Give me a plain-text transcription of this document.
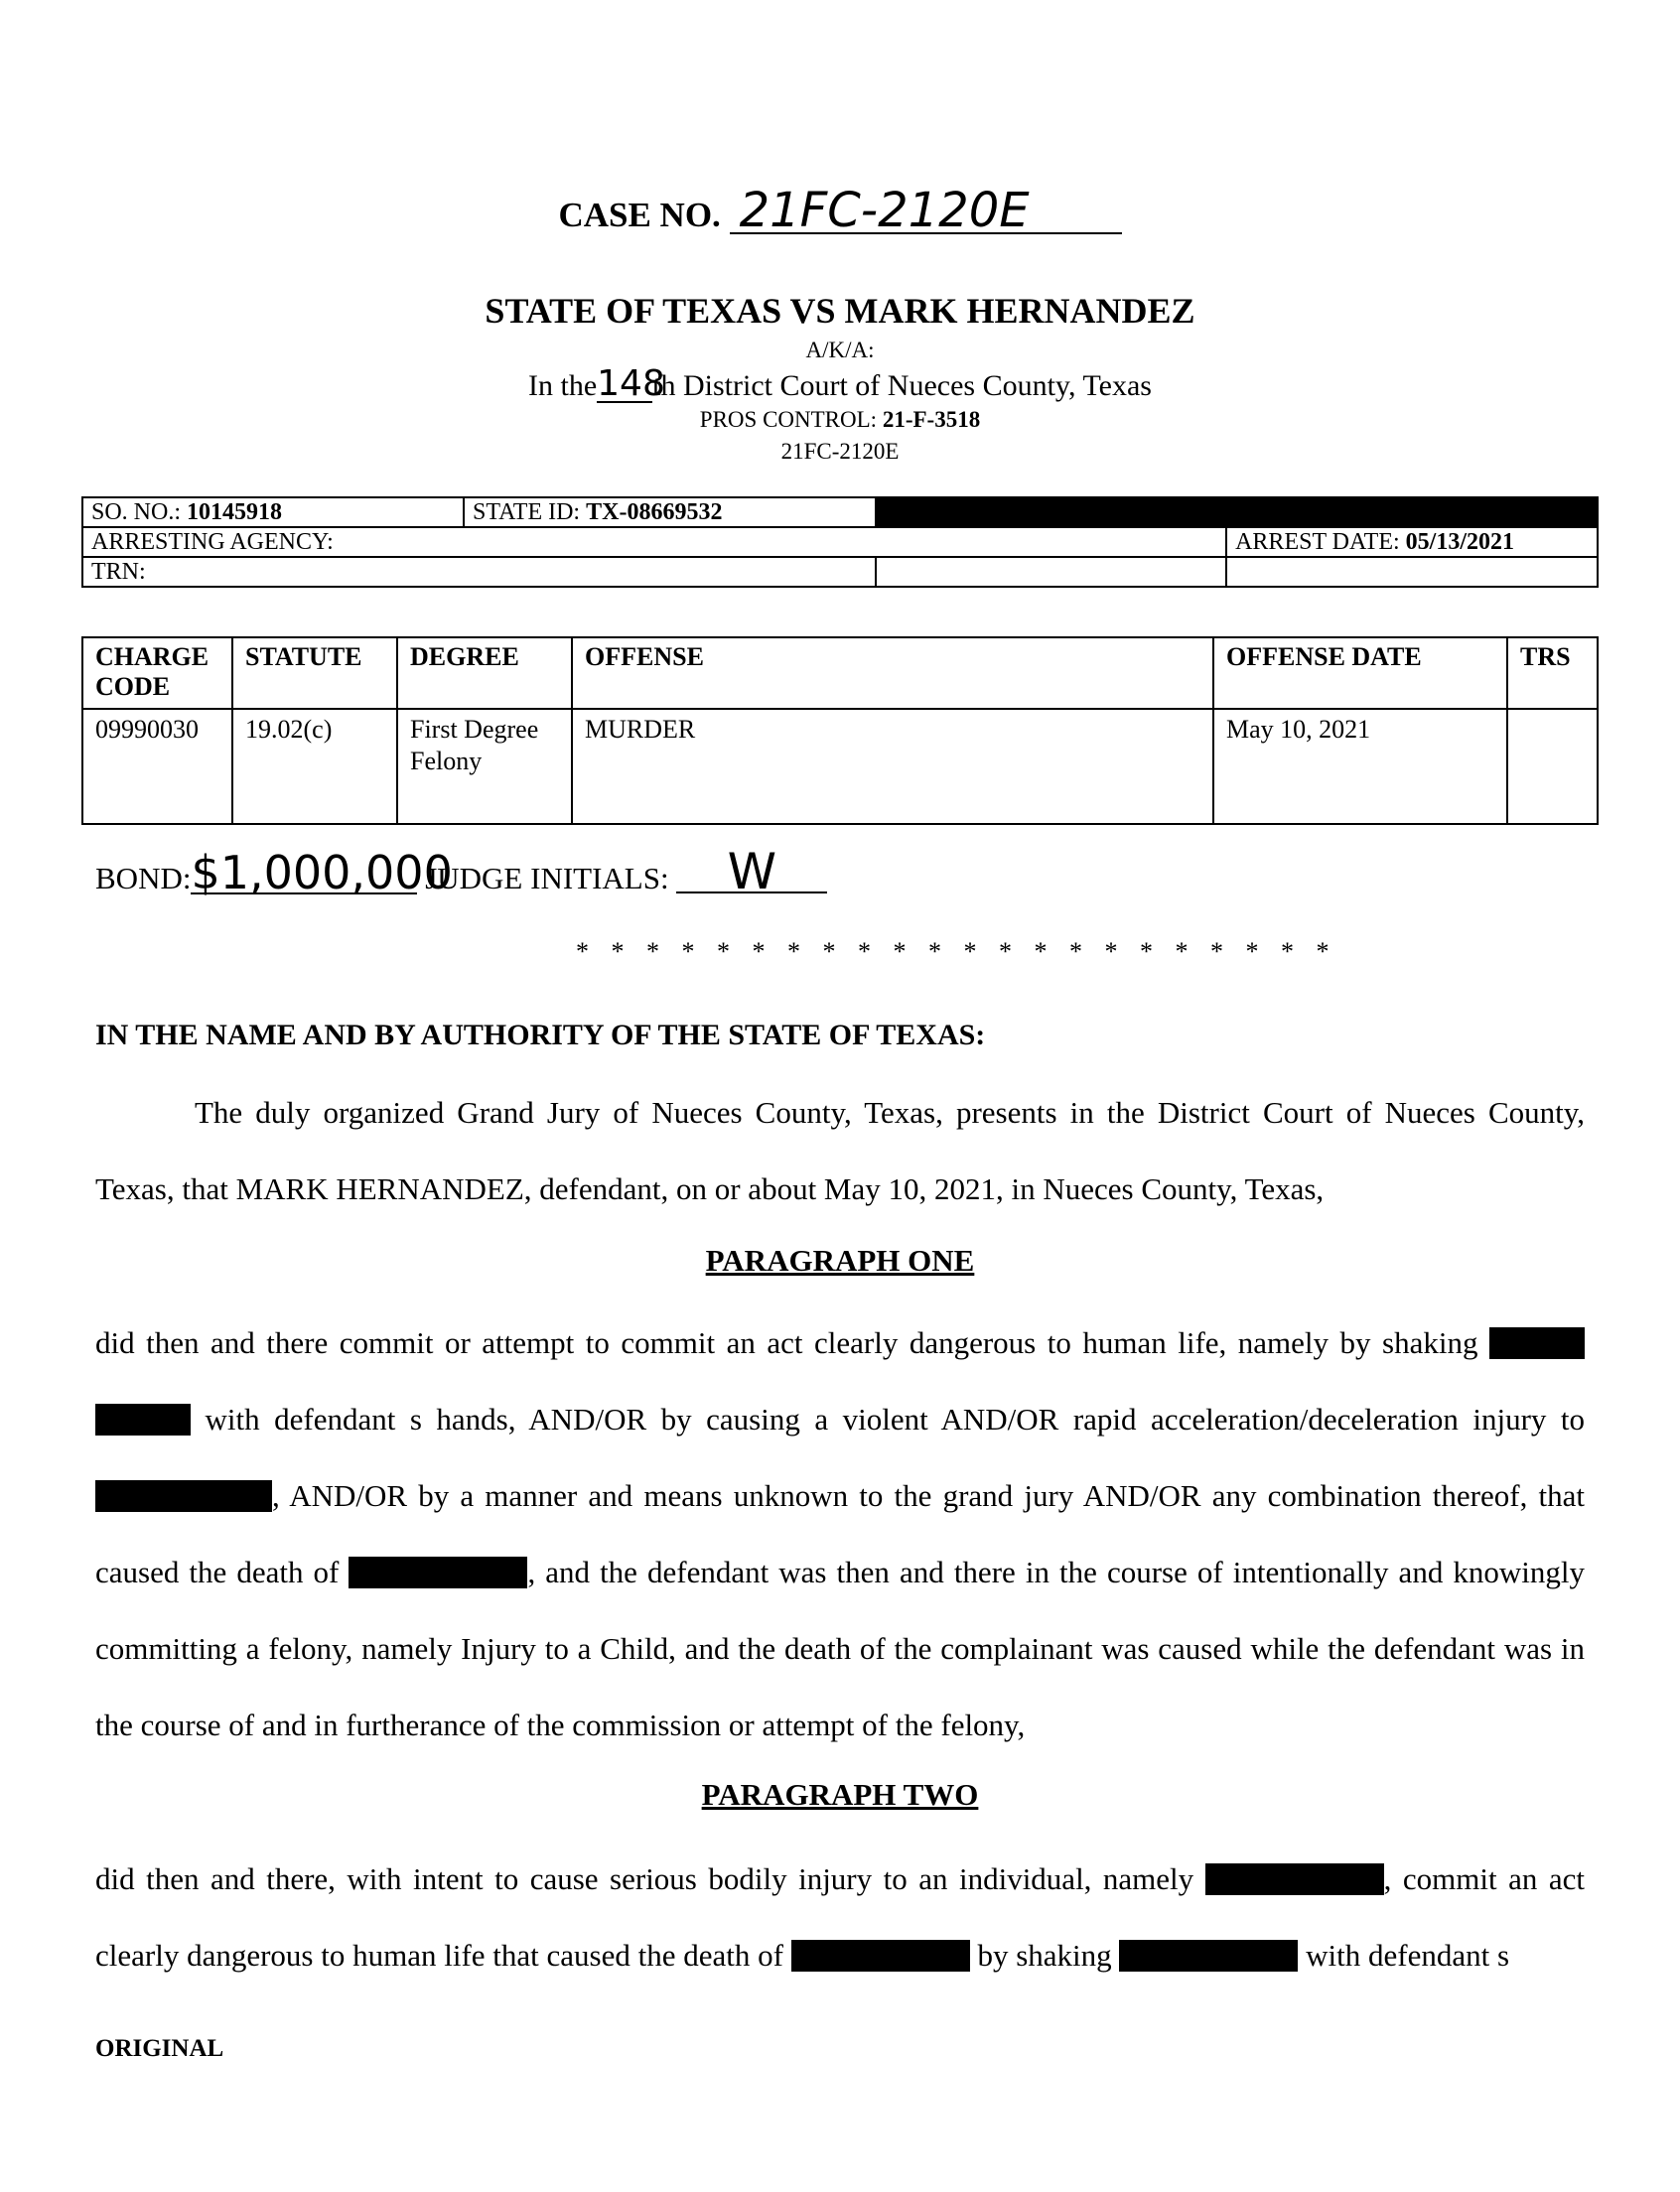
CASE NO. 21FC-2120E
STATE OF TEXAS VS MARK HERNANDEZ
A/K/A:
In the148th District Court of Nueces County, Texas
PROS CONTROL: 21-F-3518
21FC-2120E
SO. NO.: 10145918	STATE ID: TX-08669532		
ARRESTING AGENCY:			ARREST DATE: 05/13/2021
TRN:			
CHARGE CODE	STATUTE	DEGREE	OFFENSE	OFFENSE DATE	TRS
09990030	19.02(c)	First Degree Felony	MURDER	May 10, 2021	
BOND:$1,000,000 JUDGE INITIALS: W
* * * * * * * * * * * * * * * * * * * * * *
IN THE NAME AND BY AUTHORITY OF THE STATE OF TEXAS:
The duly organized Grand Jury of Nueces County, Texas, presents in the District Court of Nueces County,
Texas, that MARK HERNANDEZ, defendant, on or about May 10, 2021, in Nueces County, Texas,
PARAGRAPH ONE
did then and there commit or attempt to commit an act clearly dangerous to human life, namely by shaking   with defendant s hands, AND/OR by causing a violent AND/OR rapid acceleration/deceleration injury to , AND/OR by a manner and means unknown to the grand jury AND/OR any combination thereof, that caused the death of	, and the defendant was then and there in the course of intentionally and knowingly committing a felony, namely Injury to a Child, and the death of the complainant was caused while the defendant was in the course of and in furtherance of the commission or attempt of the felony,
PARAGRAPH TWO
did then and there, with intent to cause serious bodily injury to an individual, namely	, commit an act clearly dangerous to human life that caused the death of	by shaking	with defendant s
ORIGINAL
